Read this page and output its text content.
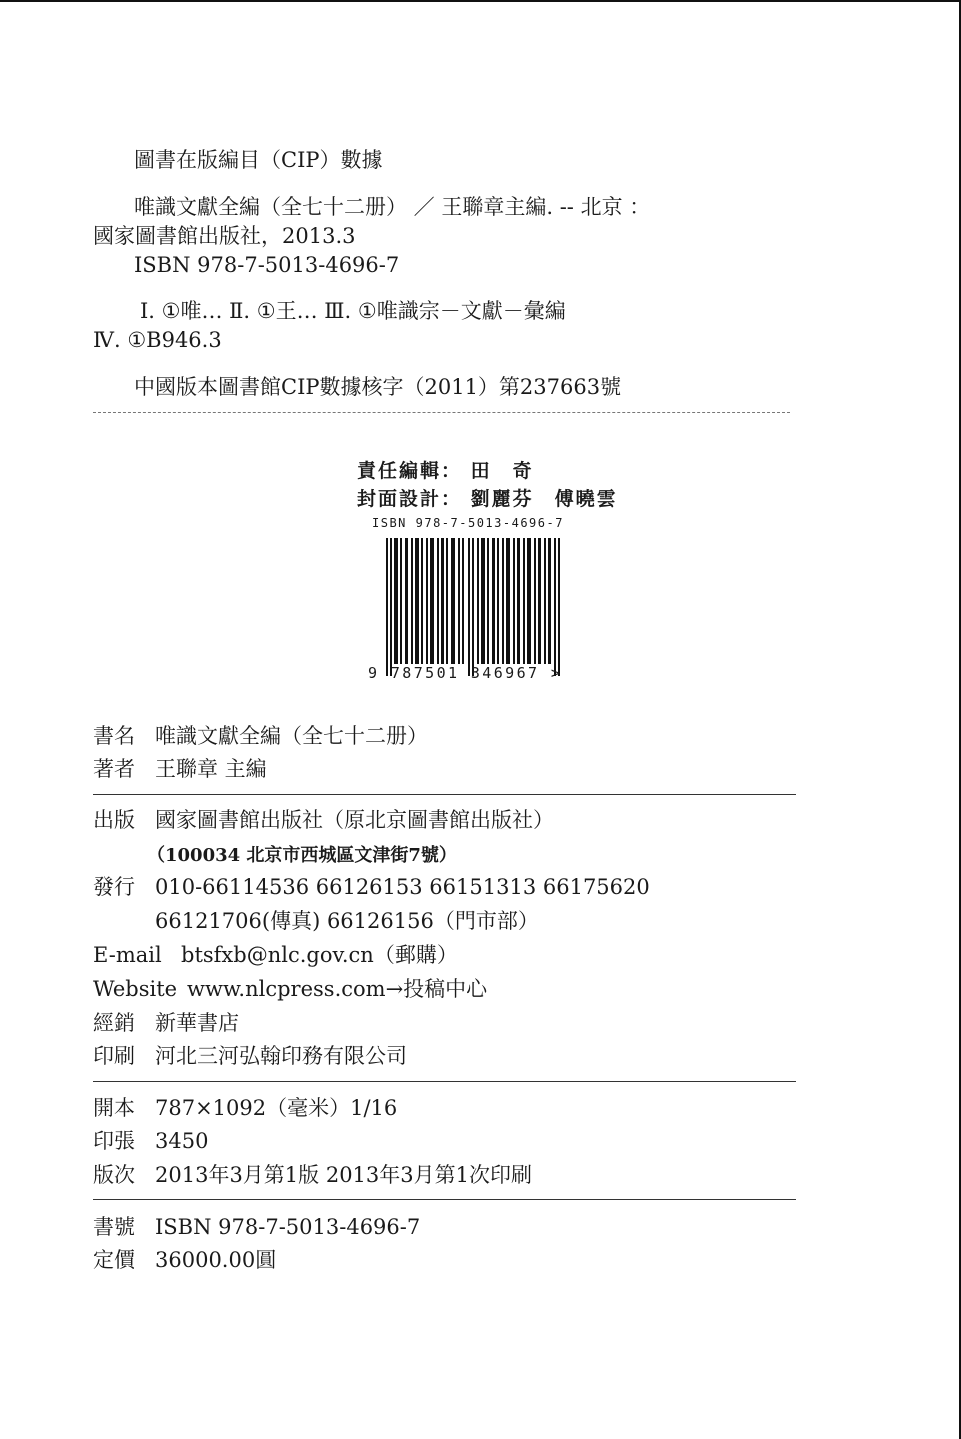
圖書在版編目（CIP）數據
唯識文獻全編（全七十二册） ／ 王聯章主編. -- 北京 ：
國家圖書館出版社，2013.3
ISBN 978-7-5013-4696-7
Ⅰ. ①唯… Ⅱ. ①王… Ⅲ. ①唯識宗－文獻－彙編
Ⅳ. ①B946.3
中國版本圖書館CIP數據核字（2011）第237663號
責任編輯： 田　奇
封面設計： 劉麗芬　傅曉雲
ISBN 978-7-5013-4696-7
9 787501 346967 >
書名 唯識文獻全編（全七十二册）
著者 王聯章 主編
出版 國家圖書館出版社（原北京圖書館出版社）
（100034 北京市西城區文津街7號）
發行 010-66114536 66126153 66151313 66175620
66121706(傳真) 66126156（門市部）
E-mail btsfxb@nlc.gov.cn（郵購）
Website www.nlcpress.com→投稿中心
經銷 新華書店
印刷 河北三河弘翰印務有限公司
開本 787×1092（毫米）1/16
印張 3450
版次 2013年3月第1版 2013年3月第1次印刷
書號 ISBN 978-7-5013-4696-7
定價 36000.00圓
